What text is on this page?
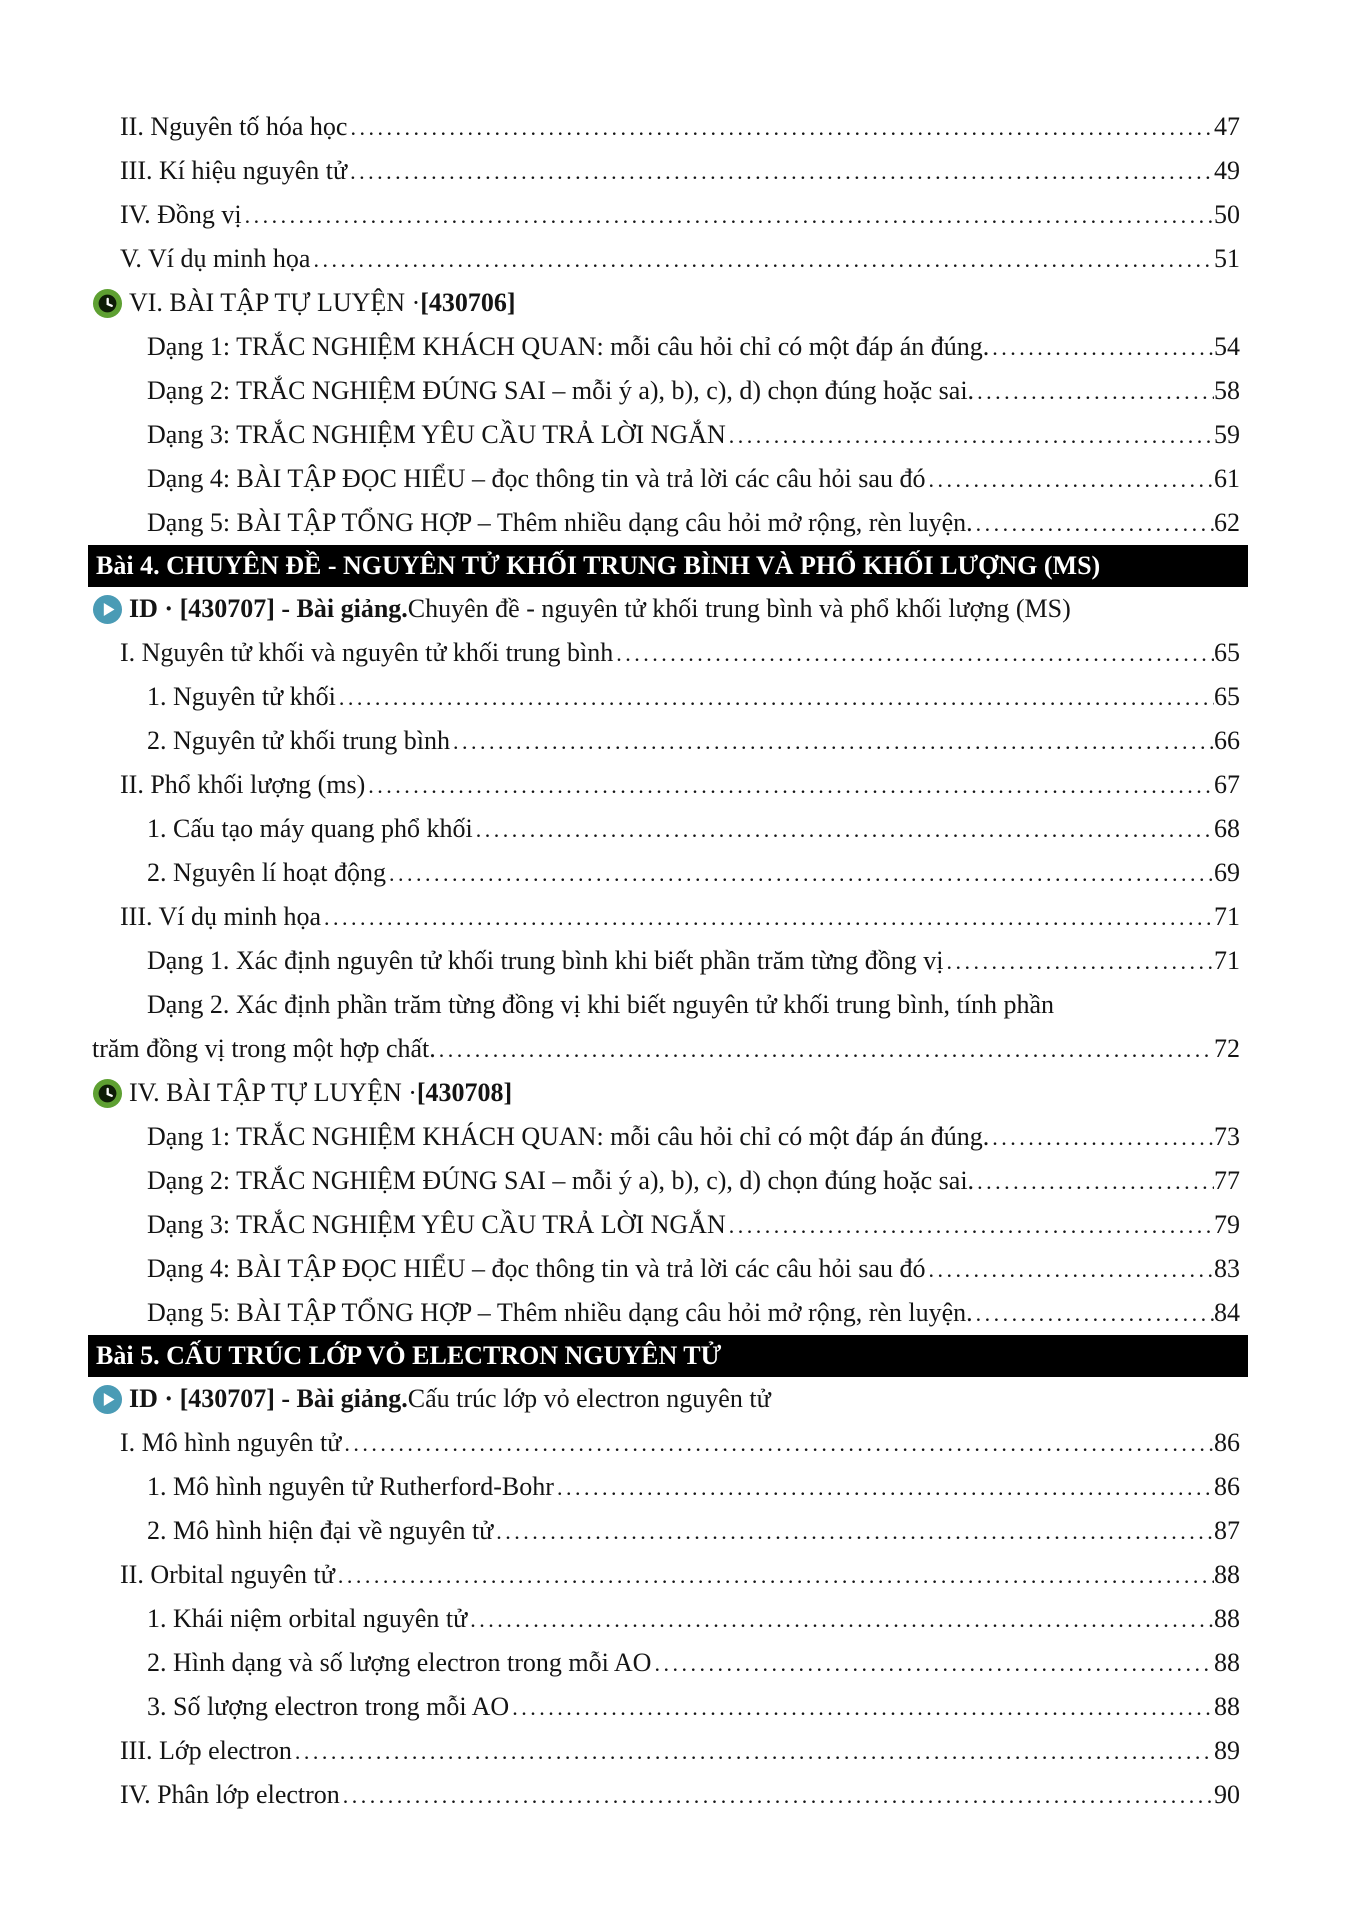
II. Nguyên tố hóa học .....	47
III. Kí hiệu nguyên tử .....	49
IV. Đồng vị .....	50
V. Ví dụ minh họa .....	51
VI. BÀI TẬP TỰ LUYỆN · [430706]
Dạng 1: TRẮC NGHIỆM KHÁCH QUAN: mỗi câu hỏi chỉ có một đáp án đúng. .....	54
Dạng 2: TRẮC NGHIỆM ĐÚNG SAI – mỗi ý a), b), c), d) chọn đúng hoặc sai. .....	58
Dạng 3: TRẮC NGHIỆM YÊU CẦU TRẢ LỜI NGẮN .....	59
Dạng 4: BÀI TẬP ĐỌC HIỂU – đọc thông tin và trả lời các câu hỏi sau đó .....	61
Dạng 5: BÀI TẬP TỔNG HỢP – Thêm nhiều dạng câu hỏi mở rộng, rèn luyện. .....	62
Bài 4. CHUYÊN ĐỀ - NGUYÊN TỬ KHỐI TRUNG BÌNH VÀ PHỔ KHỐI LƯỢNG (MS)
ID · [430707] - Bài giảng. Chuyên đề - nguyên tử khối trung bình và phổ khối lượng (MS)
I. Nguyên tử khối và nguyên tử khối trung bình .....	65
1. Nguyên tử khối .....	65
2. Nguyên tử khối trung bình .....	66
II. Phổ khối lượng (ms) .....	67
1. Cấu tạo máy quang phổ khối .....	68
2. Nguyên lí hoạt động .....	69
III. Ví dụ minh họa .....	71
Dạng 1. Xác định nguyên tử khối trung bình khi biết phần trăm từng đồng vị .....	71
Dạng 2. Xác định phần trăm từng đồng vị khi biết nguyên tử khối trung bình, tính phần
trăm đồng vị trong một hợp chất. .....	72
IV. BÀI TẬP TỰ LUYỆN · [430708]
Dạng 1: TRẮC NGHIỆM KHÁCH QUAN: mỗi câu hỏi chỉ có một đáp án đúng. .....	73
Dạng 2: TRẮC NGHIỆM ĐÚNG SAI – mỗi ý a), b), c), d) chọn đúng hoặc sai. .....	77
Dạng 3: TRẮC NGHIỆM YÊU CẦU TRẢ LỜI NGẮN .....	79
Dạng 4: BÀI TẬP ĐỌC HIỂU – đọc thông tin và trả lời các câu hỏi sau đó .....	83
Dạng 5: BÀI TẬP TỔNG HỢP – Thêm nhiều dạng câu hỏi mở rộng, rèn luyện. .....	84
Bài 5. CẤU TRÚC LỚP VỎ ELECTRON NGUYÊN TỬ
ID · [430707] - Bài giảng. Cấu trúc lớp vỏ electron nguyên tử
I. Mô hình nguyên tử .....	86
1. Mô hình nguyên tử Rutherford-Bohr .....	86
2. Mô hình hiện đại về nguyên tử .....	87
II. Orbital nguyên tử .....	88
1. Khái niệm orbital nguyên tử .....	88
2. Hình dạng và số lượng electron trong mỗi AO .....	88
3. Số lượng electron trong mỗi AO .....	88
III. Lớp electron .....	89
IV. Phân lớp electron .....	90
